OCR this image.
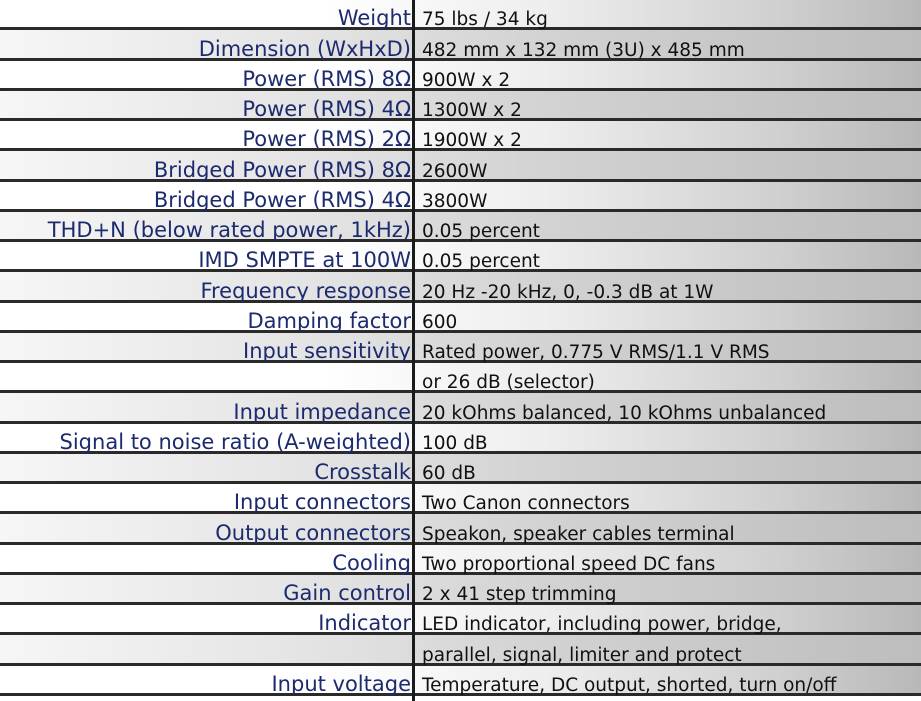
Weight 75 lbs / 34 kg
Dimension (WxHxD) 482 mm x 132 mm (3U) x 485 mm
Power (RMS) 8Ω 900W x 2
Power (RMS) 4Ω 1300W x 2
Power (RMS) 2Ω 1900W x 2
Bridged Power (RMS) 8Ω 2600W
Bridged Power (RMS) 4Ω 3800W
THD+N (below rated power, 1kHz) 0.05 percent
IMD SMPTE at 100W 0.05 percent
Frequency response 20 Hz -20 kHz, 0, -0.3 dB at 1W
Damping factor 600
Input sensitivity Rated power, 0.775 V RMS/1.1 V RMS
or 26 dB (selector)
Input impedance 20 kOhms balanced, 10 kOhms unbalanced
Signal to noise ratio (A-weighted) 100 dB
Crosstalk 60 dB
Input connectors Two Canon connectors
Output connectors Speakon, speaker cables terminal
Cooling Two proportional speed DC fans
Gain control 2 x 41 step trimming
Indicator LED indicator, including power, bridge,
parallel, signal, limiter and protect
Input voltage Temperature, DC output, shorted, turn on/off
